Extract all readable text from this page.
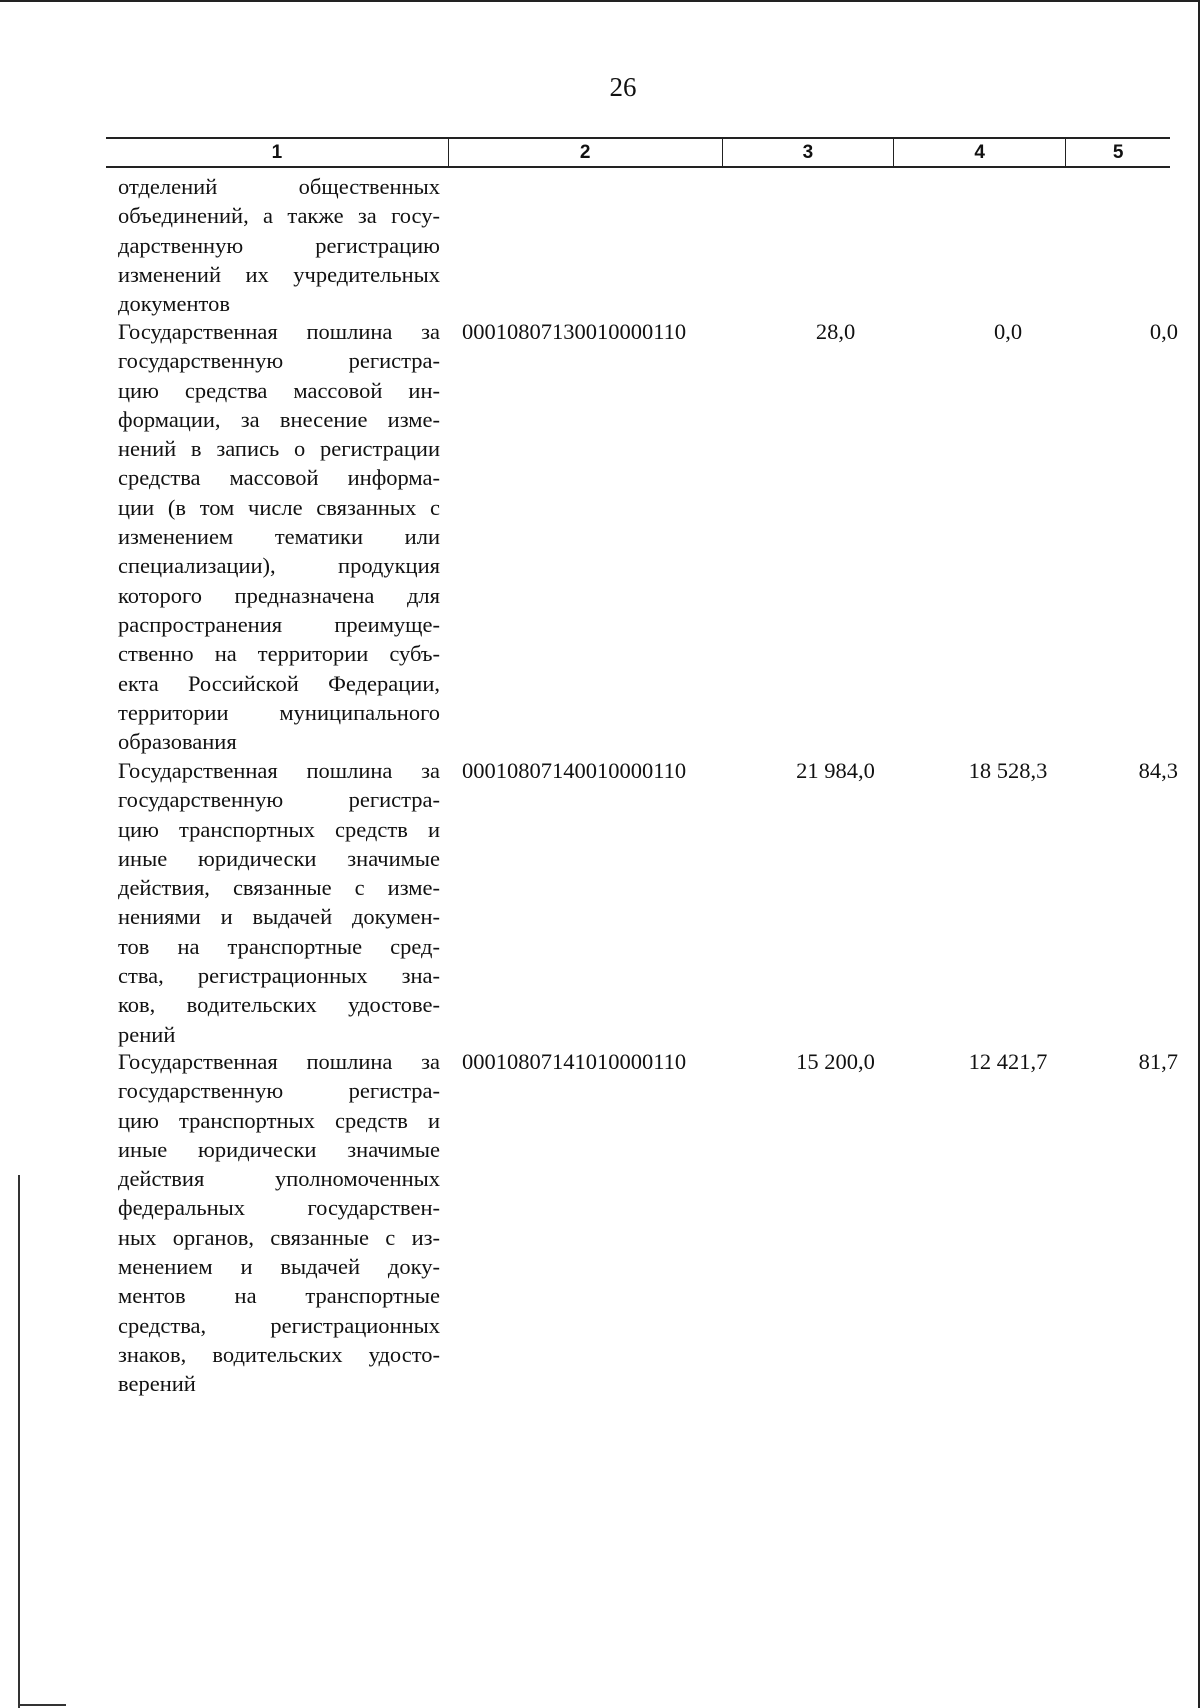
26
1	2	3	4	5
отделений общественных
объединений, а также за госу-
дарственную регистрацию
изменений их учредительных
документов
Государственная пошлина за
государственную регистра-
цию средства массовой ин-
формации, за внесение изме-
нений в запись о регистрации
средства массовой информа-
ции (в том числе связанных с
изменением тематики или
специализации), продукция
которого предназначена для
распространения преимуще-
ственно на территории субъ-
екта Российской Федерации,
территории муниципального
образования
00010807130010000110	28,0	0,0	0,0
Государственная пошлина за
государственную регистра-
цию транспортных средств и
иные юридически значимые
действия, связанные с изме-
нениями и выдачей докумен-
тов на транспортные сред-
ства, регистрационных зна-
ков, водительских удостове-
рений
00010807140010000110	21 984,0	18 528,3	84,3
Государственная пошлина за
государственную регистра-
цию транспортных средств и
иные юридически значимые
действия уполномоченных
федеральных государствен-
ных органов, связанные с из-
менением и выдачей доку-
ментов на транспортные
средства, регистрационных
знаков, водительских удосто-
верений
00010807141010000110	15 200,0	12 421,7	81,7
